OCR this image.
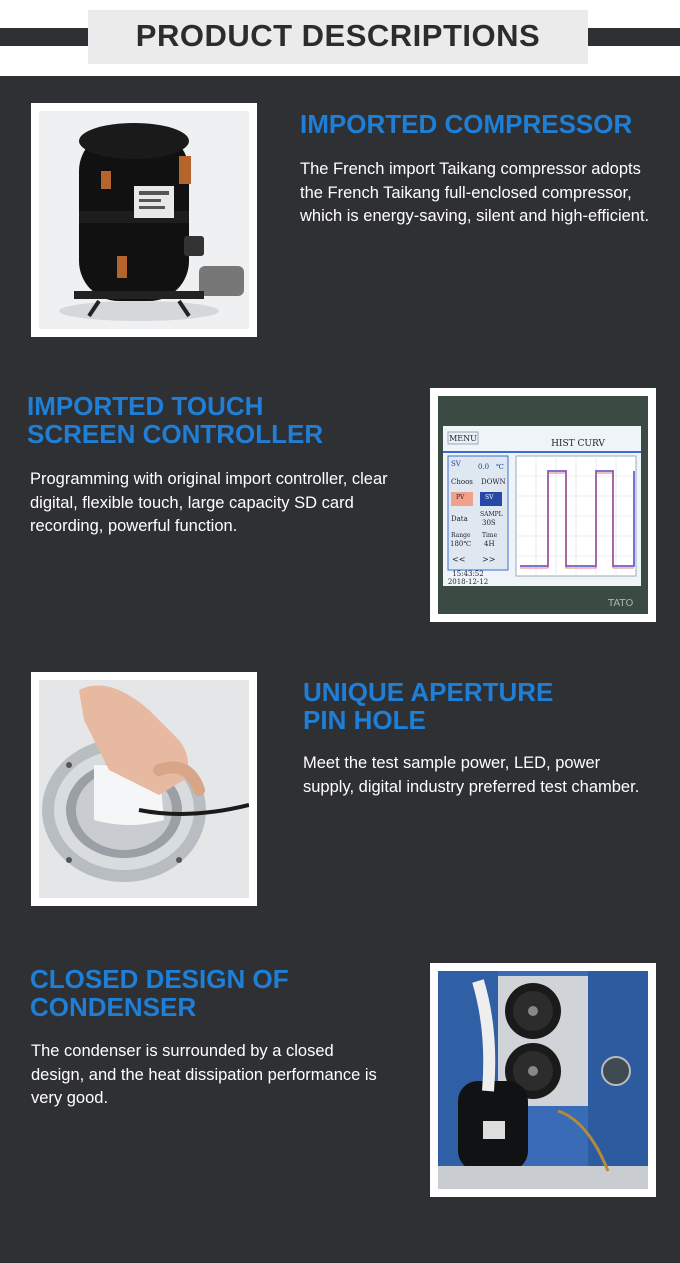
PRODUCT DESCRIPTIONS
IMPORTED COMPRESSOR
The French import Taikang compressor adopts the French Taikang full-enclosed compressor, which is energy-saving, silent and high-efficient.
IMPORTED TOUCH
SCREEN CONTROLLER
Programming with original import controller, clear digital, flexible touch, large capacity SD card recording, powerful function.
MENU
HIST CURV
SV 0.0 ℃
Choos DOWN
PV	SV
Data
SAMPL
30S
Range
180℃
Time
4H
<< >>
15:43:52
2018-12-12
TATO
UNIQUE APERTURE
PIN HOLE
Meet the test sample power, LED, power supply, digital industry preferred test chamber.
CLOSED DESIGN OF
CONDENSER
The condenser is surrounded by a closed design, and the heat dissipation performance is very good.
